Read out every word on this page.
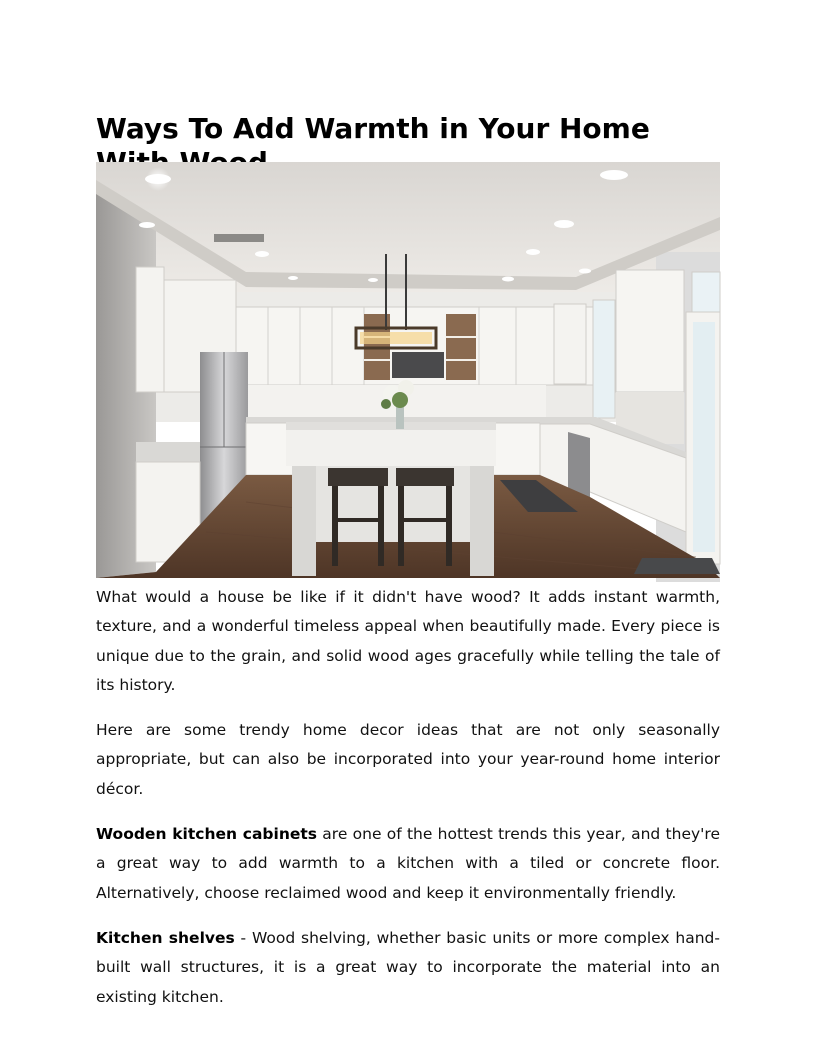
Ways To Add Warmth in Your Home

What would a house be like if it didn't have wood? It adds instant warmth, texture, and a wonderful timeless appeal when beautifully made. Every piece is unique due to the grain, and solid wood ages gracefully while telling the tale of its history.

Here are some trendy home decor ideas that are not only seasonally appropriate, but can also be incorporated into your year-round home interior décor.

Wooden kitchen cabinets are one of the hottest trends this year, and they're a great way to add warmth to a kitchen with a tiled or concrete floor. Alternatively, choose reclaimed wood and keep it environmentally friendly.

Kitchen shelves - Wood shelving, whether basic units or more complex hand-built wall structures, it is a great way to incorporate the material into an existing kitchen.
